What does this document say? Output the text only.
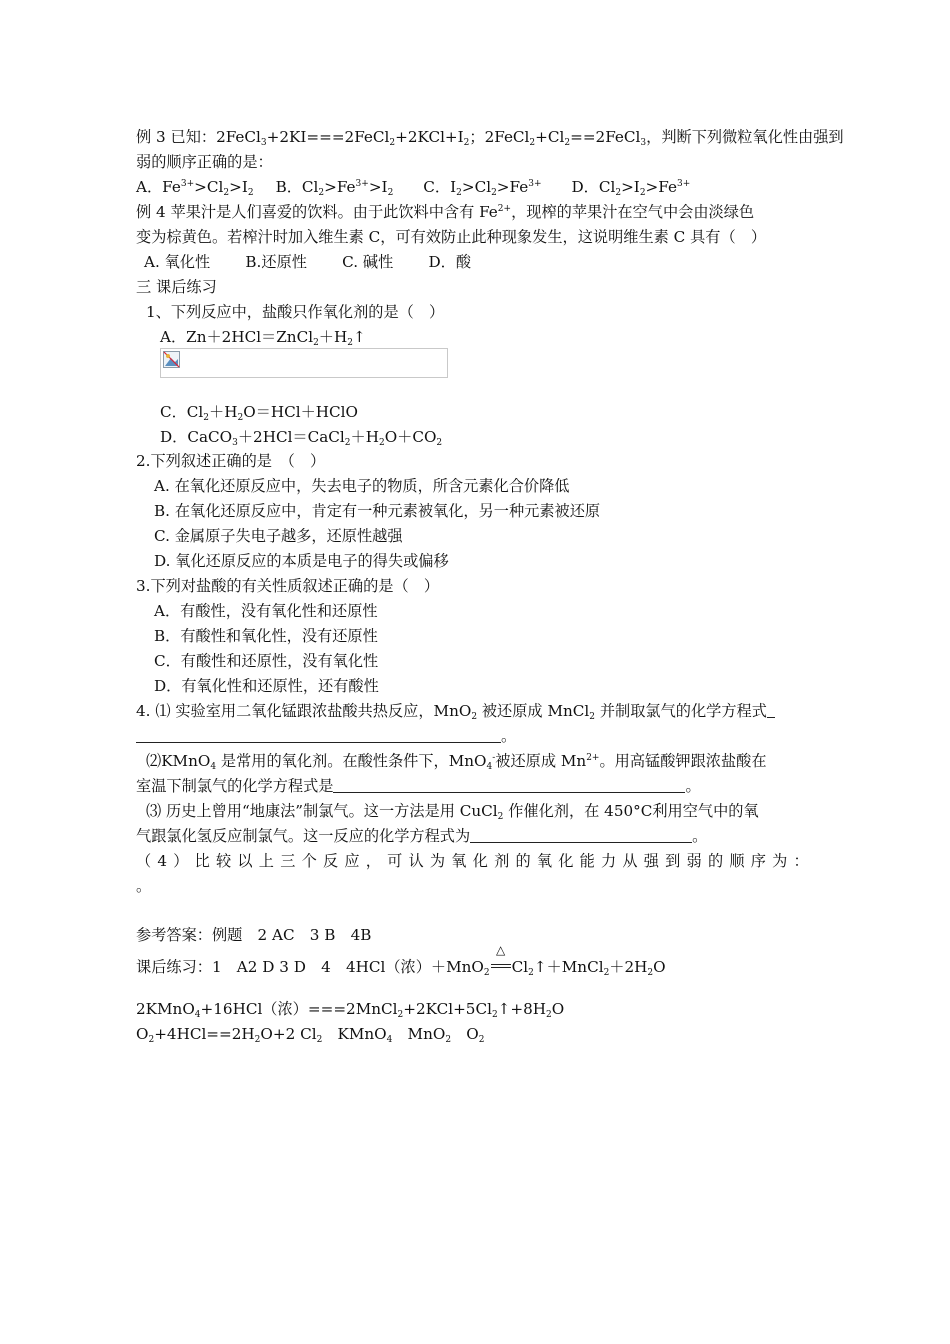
例 3 已知：$2FeCl_3+2KI===2FeCl_2+2KCl+I_2$；$2FeCl_2+Cl_2==2FeCl_3$，判断下列微粒氧化性由强到
弱的顺序正确的是：
A．$Fe^{3+}>Cl_2>I_2$ B．$Cl_2>Fe^{3+}>I_2$ C．$I_2>Cl_2>Fe^{3+}$ D．$Cl_2>I_2>Fe^{3+}$
例 4 苹果汁是人们喜爱的饮料。由于此饮料中含有 $Fe^{2+}$，现榨的苹果汁在空气中会由淡绿色
变为棕黄色。若榨汁时加入维生素 C，可有效防止此种现象发生，这说明维生素 C 具有（　）
A. 氧化性　　 B.还原性　　 C. 碱性　　 D．酸
三 课后练习
1、下列反应中，盐酸只作氧化剂的是（　）
A．$Zn+2HCl=ZnCl_2+H_2↑$
C．$Cl_2+H_2O=HCl+HClO$
D．$CaCO_3+2HCl=CaCl_2+H_2O+CO_2$
2.下列叙述正确的是　（　）
A. 在氧化还原反应中，失去电子的物质，所含元素化合价降低
B. 在氧化还原反应中，肯定有一种元素被氧化，另一种元素被还原
C. 金属原子失电子越多，还原性越强
D. 氧化还原反应的本质是电子的得失或偏移
3.下列对盐酸的有关性质叙述正确的是（　）
A．有酸性，没有氧化性和还原性
B．有酸性和氧化性，没有还原性
C．有酸性和还原性，没有氧化性
D．有氧化性和还原性，还有酸性
4. ⑴ 实验室用二氧化锰跟浓盐酸共热反应，MnO$_2$ 被还原成 MnCl$_2$ 并制取氯气的化学方程式
。
⑵KMnO$_4$ 是常用的氧化剂。在酸性条件下，MnO$_4$-被还原成 $Mn^{2+}$。用高锰酸钾跟浓盐酸在
室温下制氯气的化学方程式是	。
⑶ 历史上曾用“地康法”制氯气。这一方法是用 CuCl$_2$ 作催化剂，在 450°C利用空气中的氧
气跟氯化氢反应制氯气。这一反应的化学方程式为	。
（4）比较以上三个反应，可认为氧化剂的氧化能力从强到弱的顺序为：
。
参考答案：例题　2 AC　3 B　4B
课后练习：1　A2 D 3 D　4　4HCl（浓）＋MnO$_2$
△
$Cl_2↑+MnCl_2+2H_2O$
2KMnO$_4$+16HCl（浓）$===2MnCl_2+2KCl+5Cl_2↑+8H_2O$
$O_2+4HCl==2H_2O+2$ $Cl_2$　KMnO$_4$　MnO$_2$　$O_2$
